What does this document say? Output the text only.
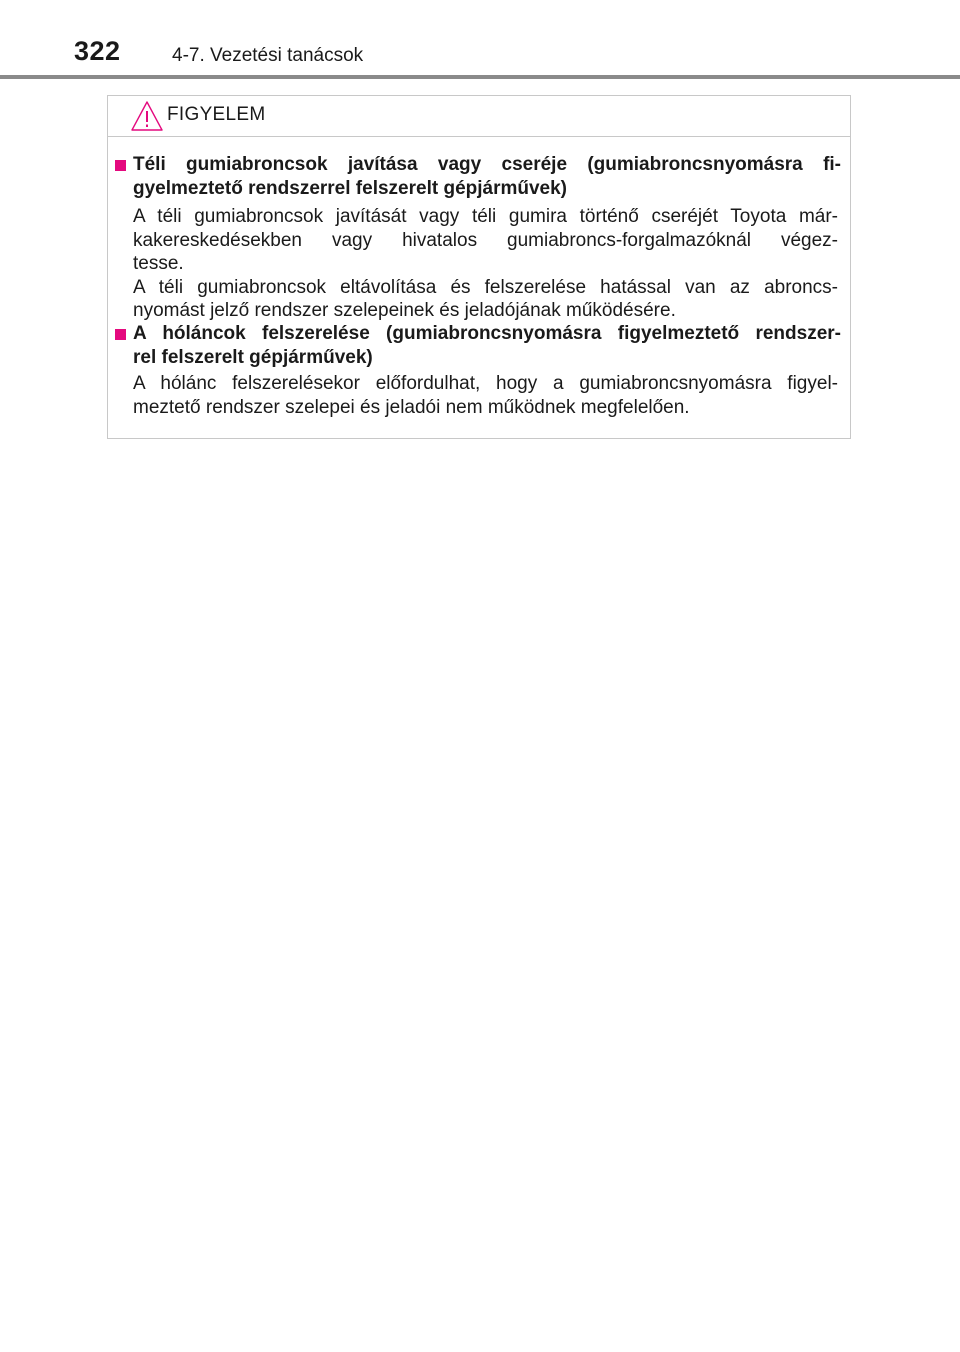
322	4-7. Vezetési tanácsok
FIGYELEM

Téli gumiabroncsok javítása vagy cseréje (gumiabroncsnyomásra fi-
gyelmeztető rendszerrel felszerelt gépjárművek)

A téli gumiabroncsok javítását vagy téli gumira történő cseréjét Toyota már-
kakereskedésekben vagy hivatalos gumiabroncs-forgalmazóknál végez-
tesse.
A téli gumiabroncsok eltávolítása és felszerelése hatással van az abroncs-
nyomást jelző rendszer szelepeinek és jeladójának működésére.

A hóláncok felszerelése (gumiabroncsnyomásra figyelmeztető rendszer-
rel felszerelt gépjárművek)

A hólánc felszerelésekor előfordulhat, hogy a gumiabroncsnyomásra figyel-
meztető rendszer szelepei és jeladói nem működnek megfelelően.
